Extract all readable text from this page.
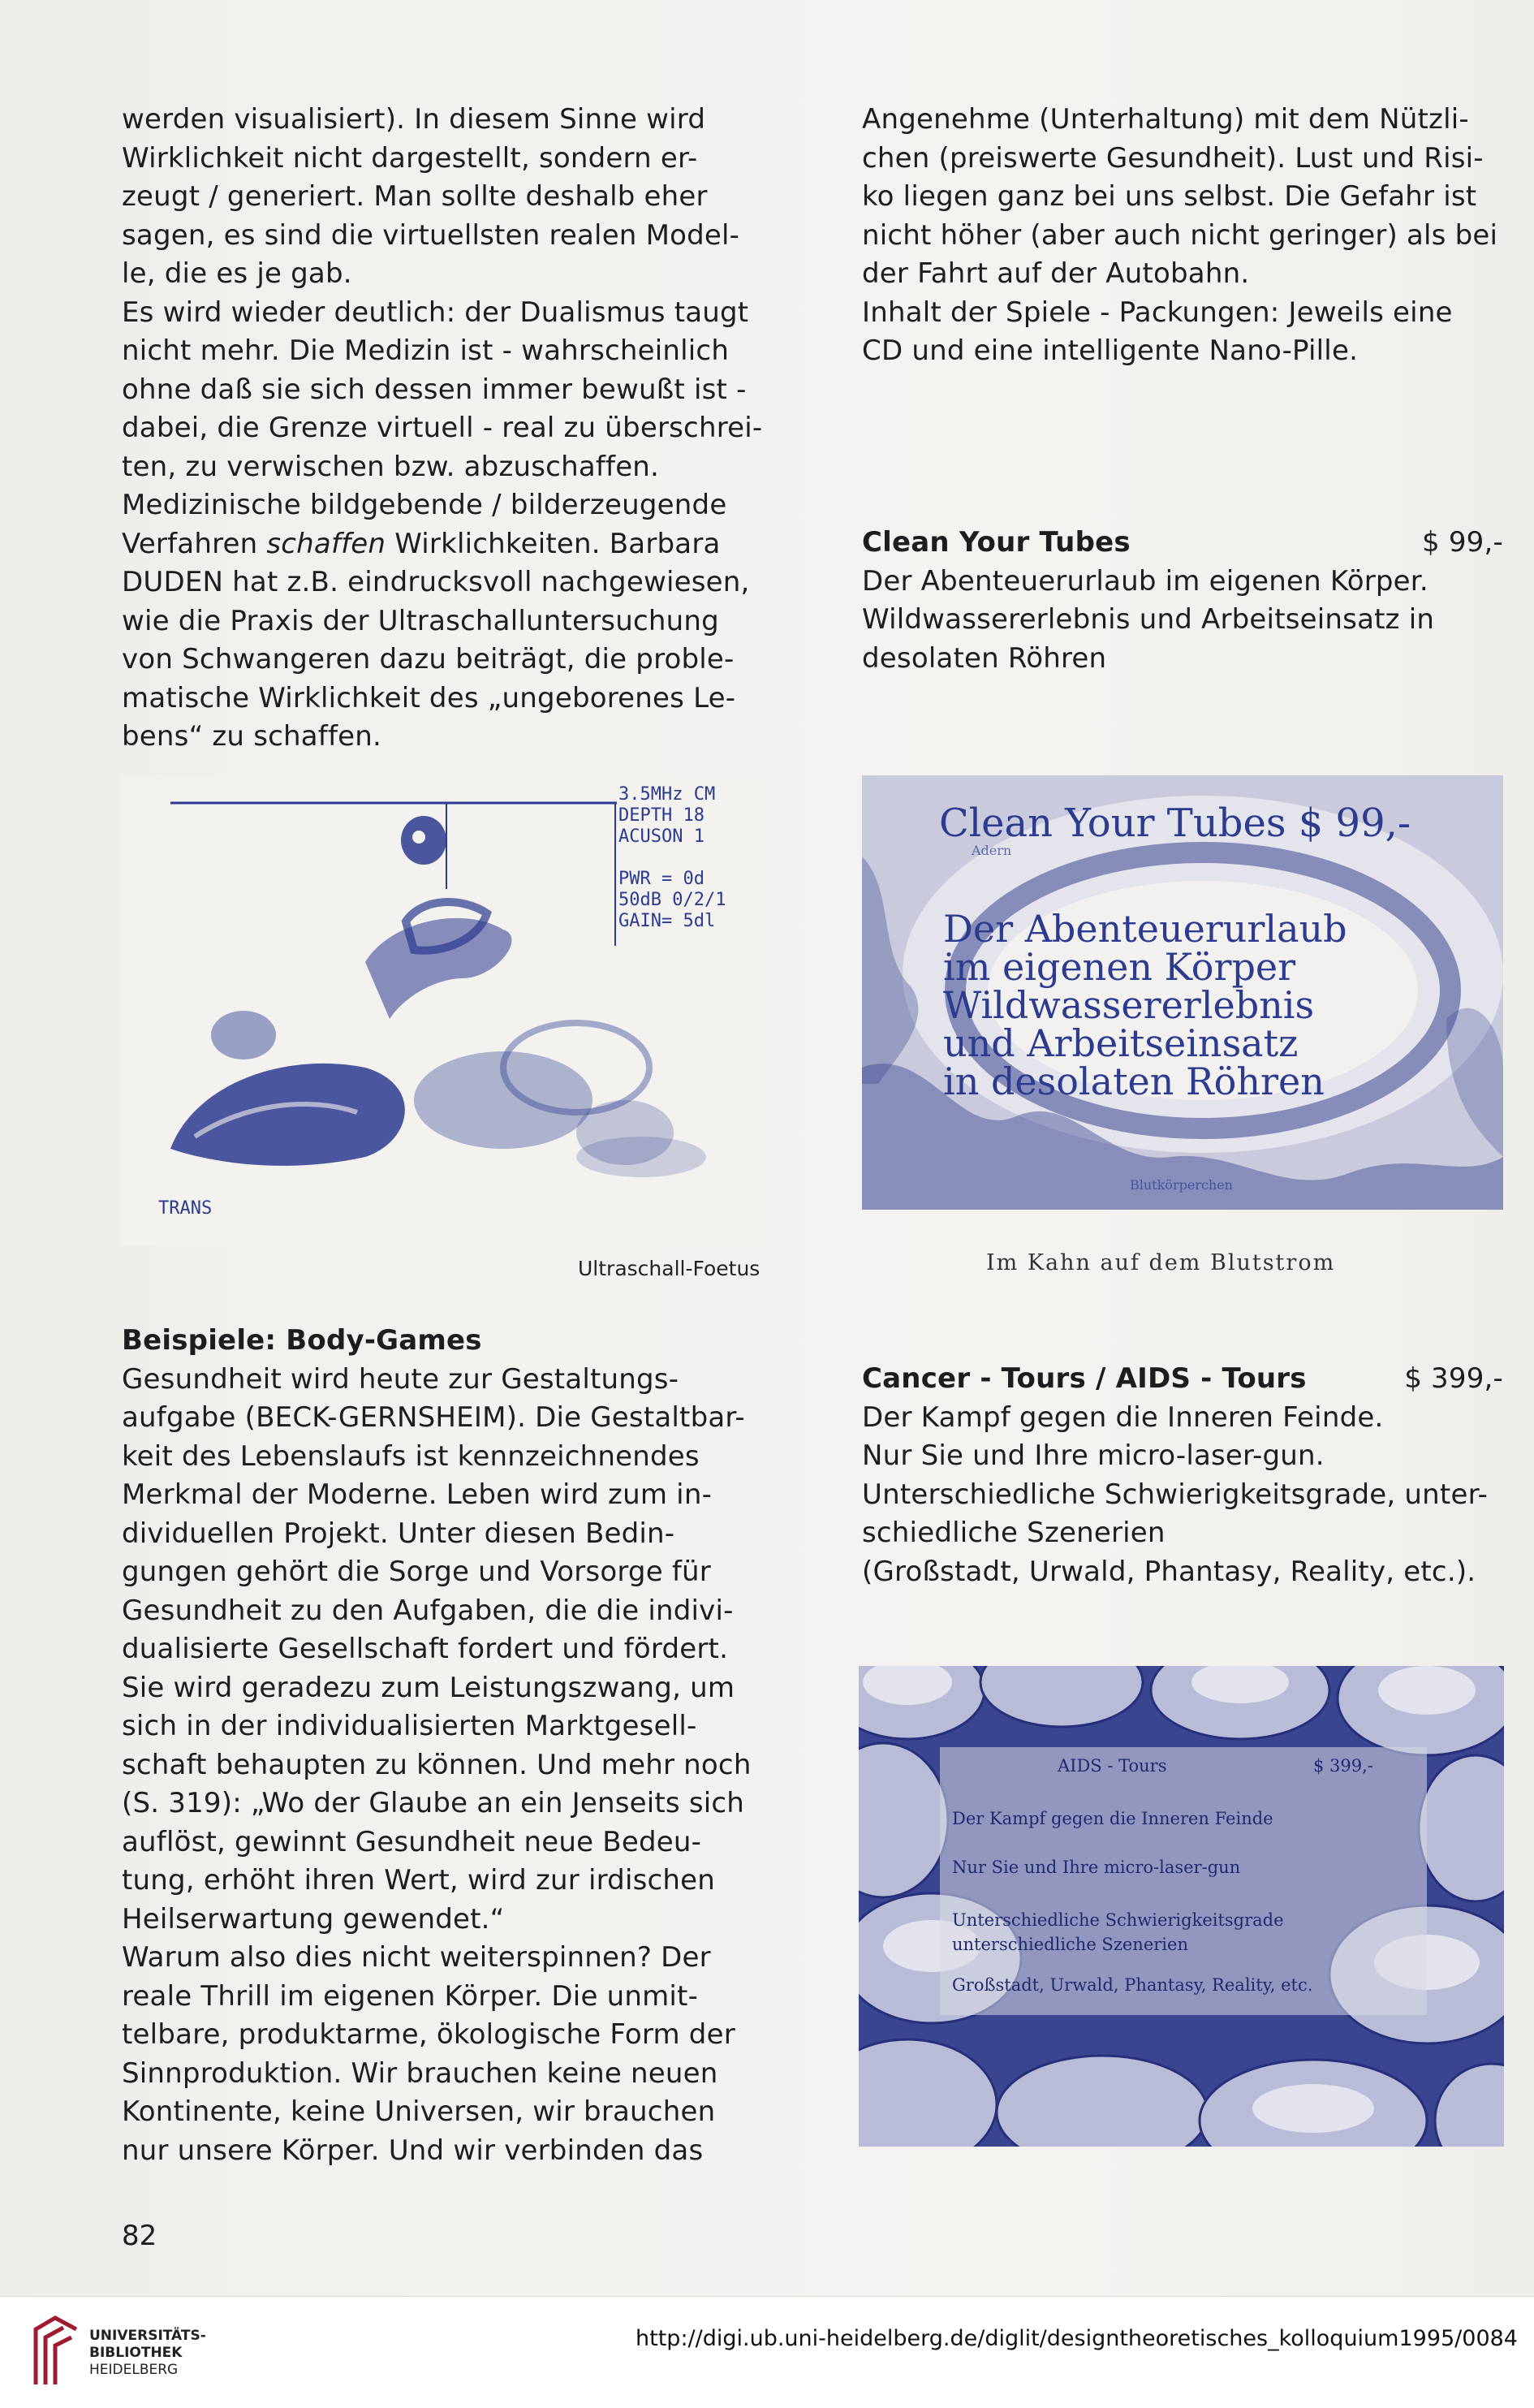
werden visualisiert). In diesem Sinne wird
Wirklichkeit nicht dargestellt, sondern er-
zeugt / generiert. Man sollte deshalb eher
sagen, es sind die virtuellsten realen Model-
le, die es je gab.
Es wird wieder deutlich: der Dualismus taugt
nicht mehr. Die Medizin ist - wahrscheinlich
ohne daß sie sich dessen immer bewußt ist -
dabei, die Grenze virtuell - real zu überschrei-
ten, zu verwischen bzw. abzuschaffen.
Medizinische bildgebende / bilderzeugende
Verfahren schaffen Wirklichkeiten. Barbara
DUDEN hat z.B. eindrucksvoll nachgewiesen,
wie die Praxis der Ultraschalluntersuchung
von Schwangeren dazu beiträgt, die proble-
matische Wirklichkeit des „ungeborenes Le-
bens“ zu schaffen.
3.5MHz CM
DEPTH 18
ACUSON 1
PWR = 0d
50dB 0/2/1
GAIN= 5dl
TRANS
Ultraschall-Foetus
Beispiele: Body-Games
Gesundheit wird heute zur Gestaltungs-
aufgabe (BECK-GERNSHEIM). Die Gestaltbar-
keit des Lebenslaufs ist kennzeichnendes
Merkmal der Moderne. Leben wird zum in-
dividuellen Projekt. Unter diesen Bedin-
gungen gehört die Sorge und Vorsorge für
Gesundheit zu den Aufgaben, die die indivi-
dualisierte Gesellschaft fordert und fördert.
Sie wird geradezu zum Leistungszwang, um
sich in der individualisierten Marktgesell-
schaft behaupten zu können. Und mehr noch
(S. 319): „Wo der Glaube an ein Jenseits sich
auflöst, gewinnt Gesundheit neue Bedeu-
tung, erhöht ihren Wert, wird zur irdischen
Heilserwartung gewendet.“
Warum also dies nicht weiterspinnen? Der
reale Thrill im eigenen Körper. Die unmit-
telbare, produktarme, ökologische Form der
Sinnproduktion. Wir brauchen keine neuen
Kontinente, keine Universen, wir brauchen
nur unsere Körper. Und wir verbinden das
Angenehme (Unterhaltung) mit dem Nützli-
chen (preiswerte Gesundheit). Lust und Risi-
ko liegen ganz bei uns selbst. Die Gefahr ist
nicht höher (aber auch nicht geringer) als bei
der Fahrt auf der Autobahn.
Inhalt der Spiele - Packungen: Jeweils eine
CD und eine intelligente Nano-Pille.
Clean Your Tubes	$ 99,-
Der Abenteuerurlaub im eigenen Körper.
Wildwassererlebnis und Arbeitseinsatz in
desolaten Röhren
Clean Your Tubes $ 99,-
Der Abenteuerurlaub
im eigenen Körper
Wildwassererlebnis
und Arbeitseinsatz
in desolaten Röhren
Adern
Blutkörperchen
Im Kahn auf dem Blutstrom
Cancer - Tours / AIDS - Tours	$ 399,-
Der Kampf gegen die Inneren Feinde.
Nur Sie und Ihre micro-laser-gun.
Unterschiedliche Schwierigkeitsgrade, unter-
schiedliche Szenerien
(Großstadt, Urwald, Phantasy, Reality, etc.).
AIDS - Tours	$ 399,-
Der Kampf gegen die Inneren Feinde
Nur Sie und Ihre micro-laser-gun
Unterschiedliche Schwierigkeitsgrade
unterschiedliche Szenerien
Großstadt, Urwald, Phantasy, Reality, etc.
82
UNIVERSITÄTS-
BIBLIOTHEK
HEIDELBERG
http://digi.ub.uni-heidelberg.de/diglit/designtheoretisches_kolloquium1995/0084
